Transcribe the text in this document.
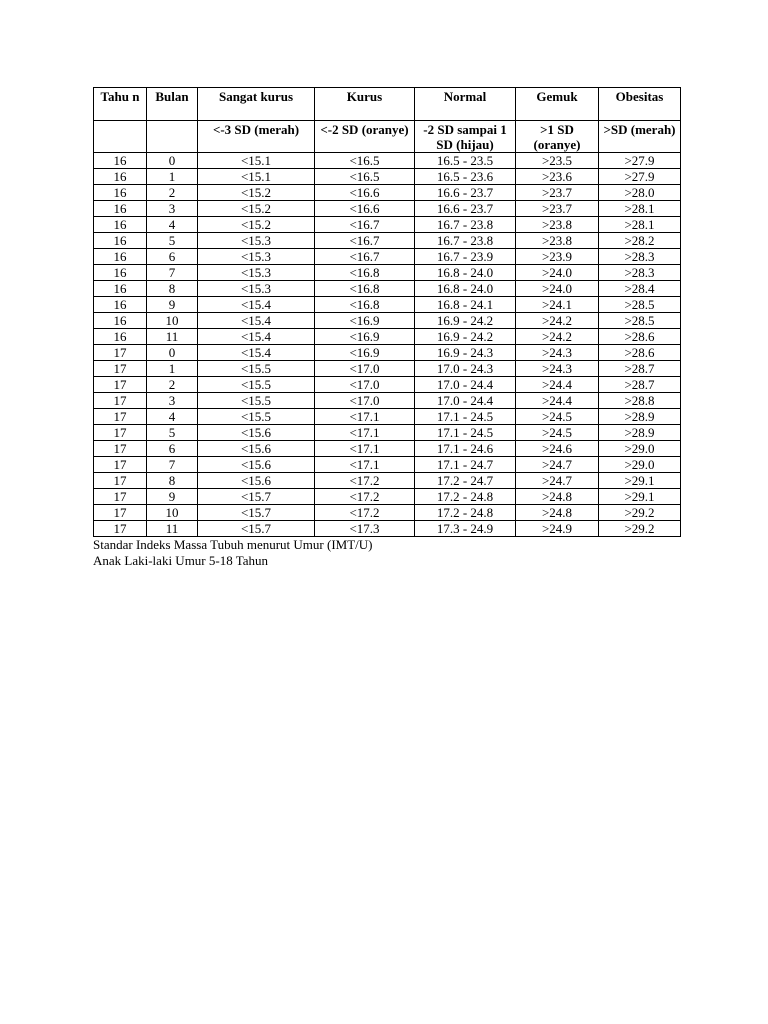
Tahu n	Bulan	Sangat kurus	Kurus	Normal	Gemuk	Obesitas
		<-3 SD (merah)	<-2 SD (oranye)	-2 SD sampai 1 SD (hijau)	>1 SD (oranye)	>SD (merah)
16	0	<15.1	<16.5	16.5 - 23.5	>23.5	>27.9
16	1	<15.1	<16.5	16.5 - 23.6	>23.6	>27.9
16	2	<15.2	<16.6	16.6 - 23.7	>23.7	>28.0
16	3	<15.2	<16.6	16.6 - 23.7	>23.7	>28.1
16	4	<15.2	<16.7	16.7 - 23.8	>23.8	>28.1
16	5	<15.3	<16.7	16.7 - 23.8	>23.8	>28.2
16	6	<15.3	<16.7	16.7 - 23.9	>23.9	>28.3
16	7	<15.3	<16.8	16.8 - 24.0	>24.0	>28.3
16	8	<15.3	<16.8	16.8 - 24.0	>24.0	>28.4
16	9	<15.4	<16.8	16.8 - 24.1	>24.1	>28.5
16	10	<15.4	<16.9	16.9 - 24.2	>24.2	>28.5
16	11	<15.4	<16.9	16.9 - 24.2	>24.2	>28.6
17	0	<15.4	<16.9	16.9 - 24.3	>24.3	>28.6
17	1	<15.5	<17.0	17.0 - 24.3	>24.3	>28.7
17	2	<15.5	<17.0	17.0 - 24.4	>24.4	>28.7
17	3	<15.5	<17.0	17.0 - 24.4	>24.4	>28.8
17	4	<15.5	<17.1	17.1 - 24.5	>24.5	>28.9
17	5	<15.6	<17.1	17.1 - 24.5	>24.5	>28.9
17	6	<15.6	<17.1	17.1 - 24.6	>24.6	>29.0
17	7	<15.6	<17.1	17.1 - 24.7	>24.7	>29.0
17	8	<15.6	<17.2	17.2 - 24.7	>24.7	>29.1
17	9	<15.7	<17.2	17.2 - 24.8	>24.8	>29.1
17	10	<15.7	<17.2	17.2 - 24.8	>24.8	>29.2
17	11	<15.7	<17.3	17.3 - 24.9	>24.9	>29.2
Standar Indeks Massa Tubuh menurut Umur (IMT/U)
Anak Laki-laki Umur 5-18 Tahun
